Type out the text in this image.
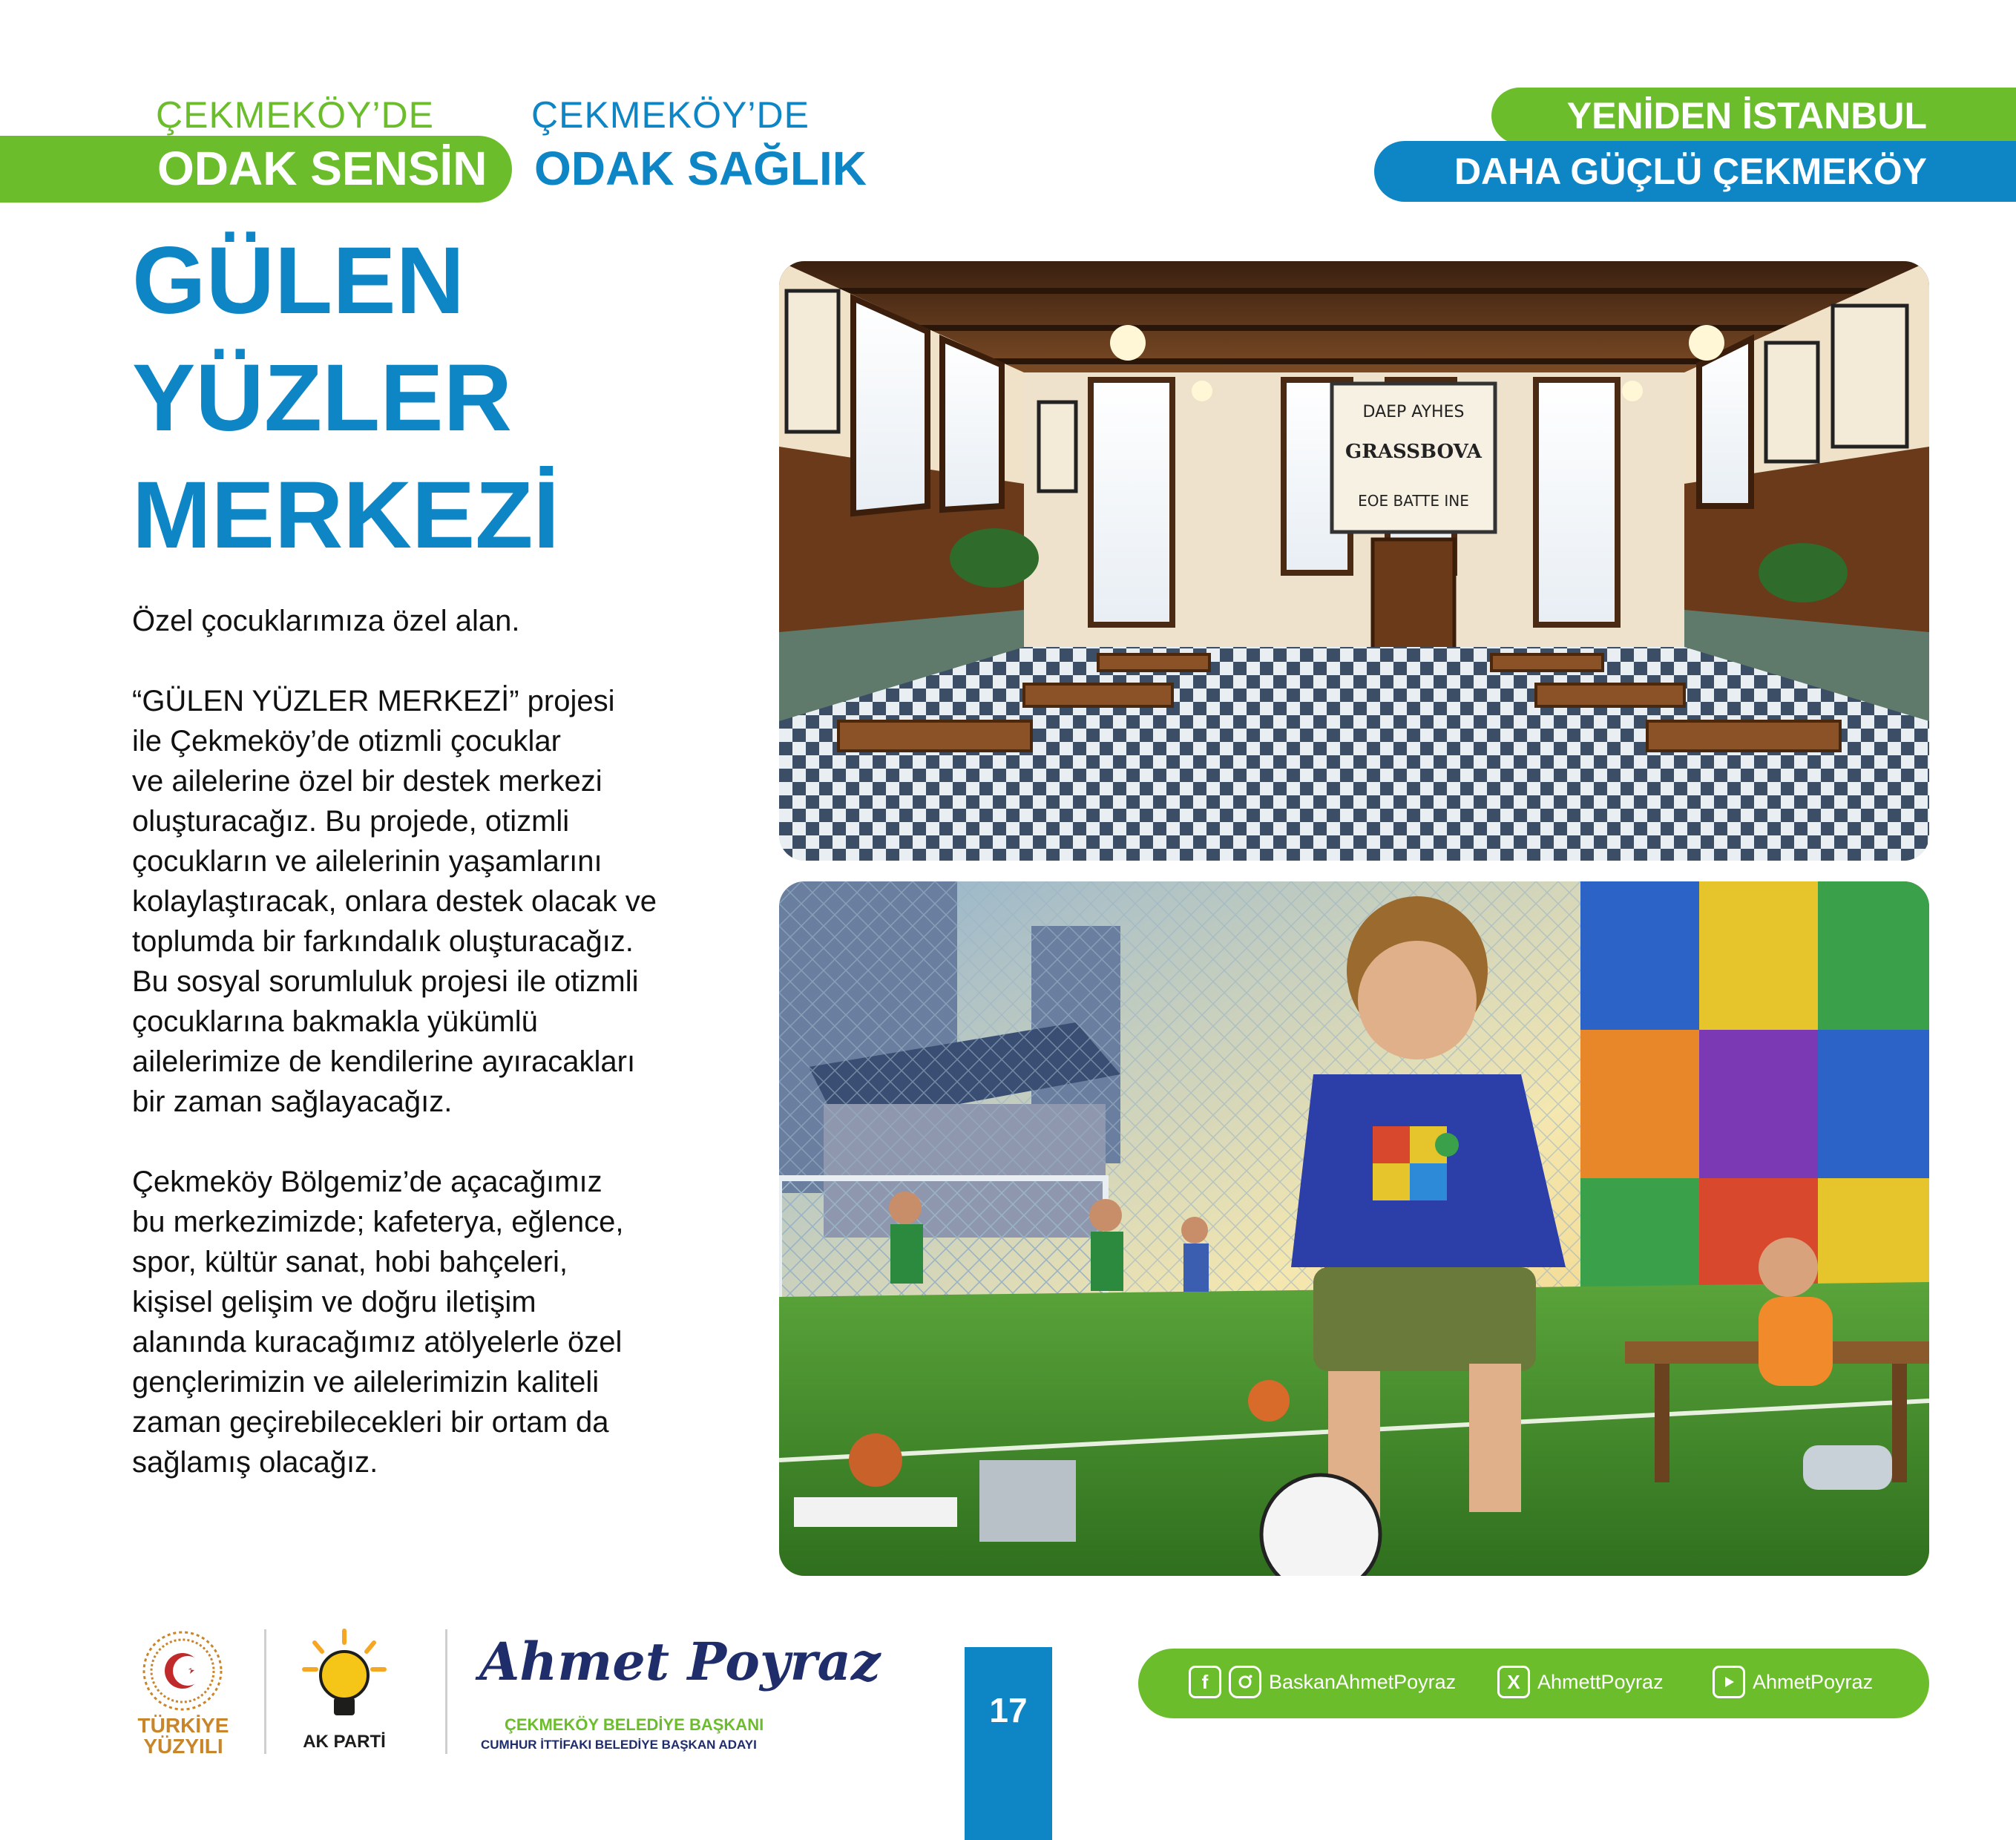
ÇEKMEKÖY’DE
ODAK SENSİN
ÇEKMEKÖY’DE
ODAK SAĞLIK
YENİDEN İSTANBUL
DAHA GÜÇLÜ ÇEKMEKÖY
GÜLEN
YÜZLER
MERKEZİ

Özel çocuklarımıza özel alan.

“GÜLEN YÜZLER MERKEZİ” projesi
ile Çekmeköy’de otizmli çocuklar
ve ailelerine özel bir destek merkezi
oluşturacağız. Bu projede, otizmli
çocukların ve ailelerinin yaşamlarını
kolaylaştıracak, onlara destek olacak ve
toplumda bir farkındalık oluşturacağız.
Bu sosyal sorumluluk projesi ile otizmli
çocuklarına bakmakla yükümlü
ailelerimize de kendilerine ayıracakları
bir zaman sağlayacağız.

Çekmeköy Bölgemiz’de açacağımız
bu merkezimizde; kafeterya, eğlence,
spor, kültür sanat, hobi bahçeleri,
kişisel gelişim ve doğru iletişim
alanında kuracağımız atölyelerle özel
gençlerimizin ve ailelerimizin kaliteli
zaman geçirebilecekleri bir ortam da
sağlamış olacağız.

DAEP AYHES
GRASSBOVA
EOE BATTE INE
TÜRKİYE
YÜZYILI	AK PARTİ
Ahmet Poyraz
ÇEKMEKÖY BELEDİYE BAŞKANI
CUMHUR İTTİFAKI BELEDİYE BAŞKAN ADAYI
17
f	BaskanAhmetPoyraz	X AhmettPoyraz	AhmetPoyraz
